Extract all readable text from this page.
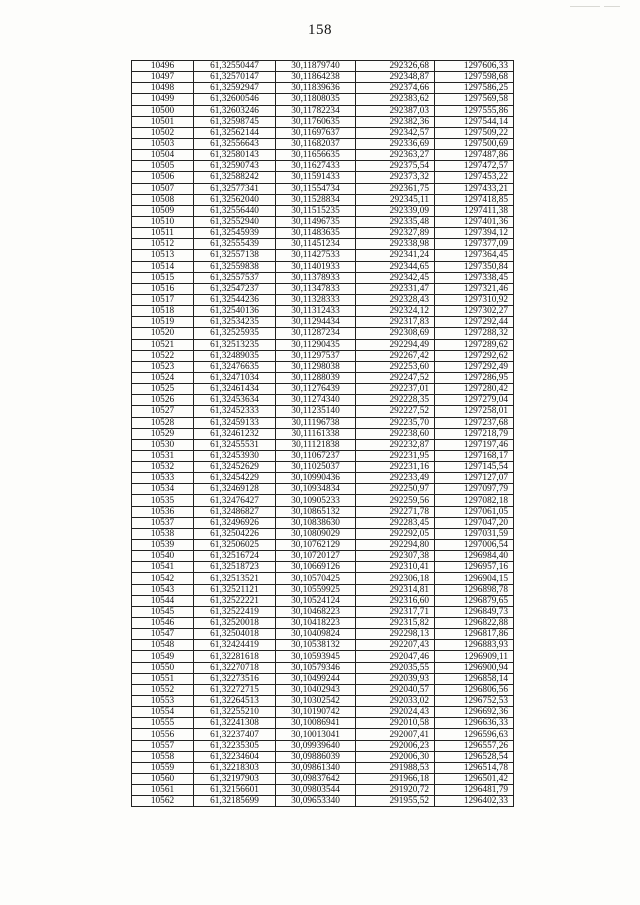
158
10496	61,32550447	30,11879740	292326,68	1297606,33
10497	61,32570147	30,11864238	292348,87	1297598,68
10498	61,32592947	30,11839636	292374,66	1297586,25
10499	61,32600546	30,11808035	292383,62	1297569,58
10500	61,32603246	30,11782234	292387,03	1297555,86
10501	61,32598745	30,11760635	292382,36	1297544,14
10502	61,32562144	30,11697637	292342,57	1297509,22
10503	61,32556643	30,11682037	292336,69	1297500,69
10504	61,32580143	30,11656635	292363,27	1297487,86
10505	61,32590743	30,11627433	292375,54	1297472,57
10506	61,32588242	30,11591433	292373,32	1297453,22
10507	61,32577341	30,11554734	292361,75	1297433,21
10508	61,32562040	30,11528834	292345,11	1297418,85
10509	61,32556440	30,11515235	292339,09	1297411,38
10510	61,32552940	30,11496735	292335,48	1297401,36
10511	61,32545939	30,11483635	292327,89	1297394,12
10512	61,32555439	30,11451234	292338,98	1297377,09
10513	61,32557138	30,11427533	292341,24	1297364,45
10514	61,32559838	30,11401933	292344,65	1297350,84
10515	61,32557537	30,11378933	292342,45	1297338,45
10516	61,32547237	30,11347833	292331,47	1297321,46
10517	61,32544236	30,11328333	292328,43	1297310,92
10518	61,32540136	30,11312433	292324,12	1297302,27
10519	61,32534235	30,11294434	292317,83	1297292,44
10520	61,32525935	30,11287234	292308,69	1297288,32
10521	61,32513235	30,11290435	292294,49	1297289,62
10522	61,32489035	30,11297537	292267,42	1297292,62
10523	61,32476635	30,11298038	292253,60	1297292,49
10524	61,32471034	30,11288039	292247,52	1297286,95
10525	61,32461434	30,11276439	292237,01	1297280,42
10526	61,32453634	30,11274340	292228,35	1297279,04
10527	61,32452333	30,11235140	292227,52	1297258,01
10528	61,32459133	30,11196738	292235,70	1297237,68
10529	61,32461232	30,11161338	292238,60	1297218,79
10530	61,32455531	30,11121838	292232,87	1297197,46
10531	61,32453930	30,11067237	292231,95	1297168,17
10532	61,32452629	30,11025037	292231,16	1297145,54
10533	61,32454229	30,10990436	292233,49	1297127,07
10534	61,32469128	30,10934834	292250,97	1297097,79
10535	61,32476427	30,10905233	292259,56	1297082,18
10536	61,32486827	30,10865132	292271,78	1297061,05
10537	61,32496926	30,10838630	292283,45	1297047,20
10538	61,32504226	30,10809029	292292,05	1297031,59
10539	61,32506025	30,10762129	292294,80	1297006,54
10540	61,32516724	30,10720127	292307,38	1296984,40
10541	61,32518723	30,10669126	292310,41	1296957,16
10542	61,32513521	30,10570425	292306,18	1296904,15
10543	61,32521121	30,10559925	292314,81	1296898,78
10544	61,32522221	30,10524124	292316,60	1296879,65
10545	61,32522419	30,10468223	292317,71	1296849,73
10546	61,32520018	30,10418223	292315,82	1296822,88
10547	61,32504018	30,10409824	292298,13	1296817,86
10548	61,32424419	30,10538132	292207,43	1296883,93
10549	61,32281618	30,10593945	292047,46	1296909,11
10550	61,32270718	30,10579346	292035,55	1296900,94
10551	61,32273516	30,10499244	292039,93	1296858,14
10552	61,32272715	30,10402943	292040,57	1296806,56
10553	61,32264513	30,10302542	292033,02	1296752,53
10554	61,32255210	30,10190742	292024,43	1296692,36
10555	61,32241308	30,10086941	292010,58	1296636,33
10556	61,32237407	30,10013041	292007,41	1296596,63
10557	61,32235305	30,09939640	292006,23	1296557,26
10558	61,32234604	30,09886039	292006,30	1296528,54
10559	61,32218303	30,09861340	291988,53	1296514,78
10560	61,32197903	30,09837642	291966,18	1296501,42
10561	61,32156601	30,09803544	291920,72	1296481,79
10562	61,32185699	30,09653340	291955,52	1296402,33
